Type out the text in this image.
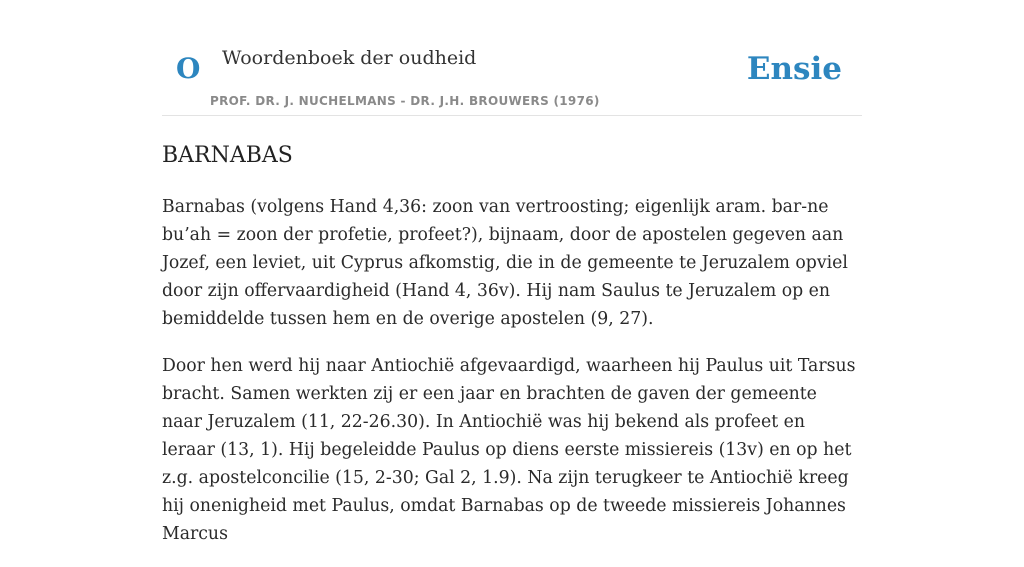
O Woordenboek der oudheid	Ensie
PROF. DR. J. NUCHELMANS - DR. J.H. BROUWERS (1976)
BARNABAS

Barnabas (volgens Hand 4,36: zoon van vertroosting; eigenlijk aram. bar-ne bu’ah = zoon der profetie, profeet?), bijnaam, door de apostelen gegeven aan Jozef, een leviet, uit Cyprus afkomstig, die in de gemeente te Jeruzalem opviel door zijn offervaardigheid (Hand 4, 36v). Hij nam Saulus te Jeruzalem op en bemiddelde tussen hem en de overige apostelen (9, 27).

Door hen werd hij naar Antiochië afgevaardigd, waarheen hij Paulus uit Tarsus bracht. Samen werkten zij er een jaar en brachten de gaven der gemeente naar Jeruzalem (11, 22-26.30). In Antiochië was hij bekend als profeet en leraar (13, 1). Hij begeleidde Paulus op diens eerste missiereis (13v) en op het z.g. apostelconcilie (15, 2-30; Gal 2, 1.9). Na zijn terugkeer te Antiochië kreeg hij onenigheid met Paulus, omdat Barnabas op de tweede missiereis Johannes Marcus
